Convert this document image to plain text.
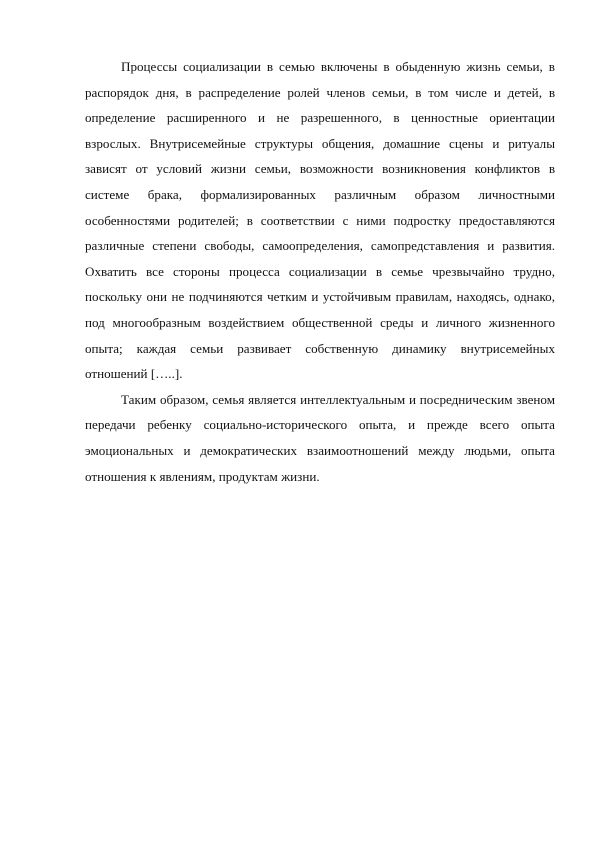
Процессы социализации в семью включены в обыденную жизнь семьи, в распорядок дня, в распределение ролей членов семьи, в том числе и детей, в определение расширенного и не разрешенного, в ценностные ориентации взрослых. Внутрисемейные структуры общения, домашние сцены и ритуалы зависят от условий жизни семьи, возможности возникновения конфликтов в системе брака, формализированных различным образом личностными особенностями родителей; в соответствии с ними подростку предоставляются различные степени свободы, самоопределения, самопредставления и развития. Охватить все стороны процесса социализации в семье чрезвычайно трудно, поскольку они не подчиняются четким и устойчивым правилам, находясь, однако, под многообразным воздействием общественной среды и личного жизненного опыта; каждая семьи развивает собственную динамику внутрисемейных отношений […..].

Таким образом, семья является интеллектуальным и посредническим звеном передачи ребенку социально-исторического опыта, и прежде всего опыта эмоциональных и демократических взаимоотношений между людьми, опыта отношения к явлениям, продуктам жизни.
